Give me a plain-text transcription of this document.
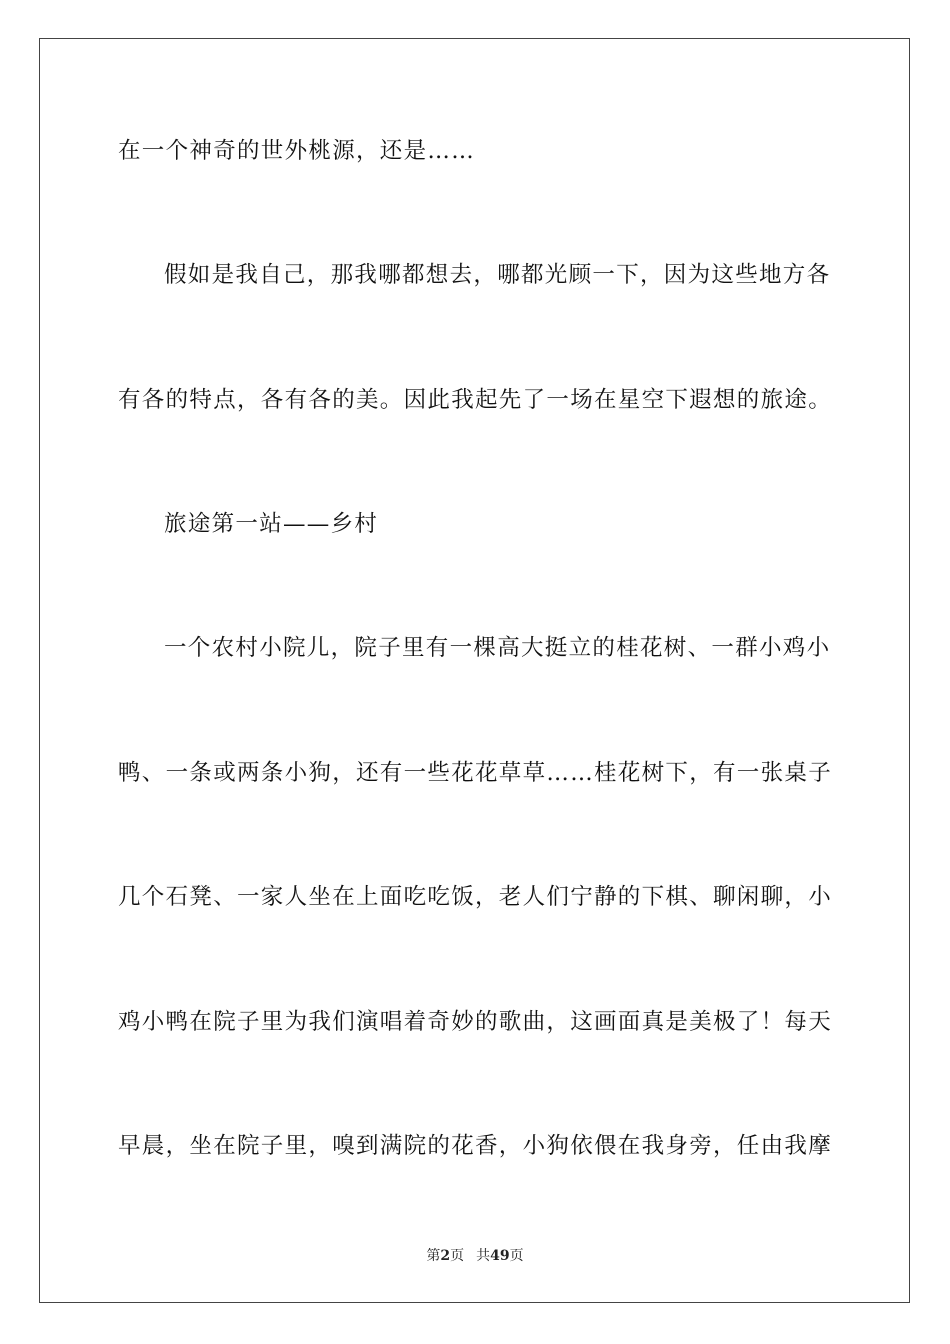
在一个神奇的世外桃源，还是……
假如是我自己，那我哪都想去，哪都光顾一下，因为这些地方各
有各的特点，各有各的美。因此我起先了一场在星空下遐想的旅途。
旅途第一站——乡村
一个农村小院儿，院子里有一棵高大挺立的桂花树、一群小鸡小
鸭、一条或两条小狗，还有一些花花草草……桂花树下，有一张桌子
几个石凳、一家人坐在上面吃吃饭，老人们宁静的下棋、聊闲聊，小
鸡小鸭在院子里为我们演唱着奇妙的歌曲，这画面真是美极了！每天
早晨，坐在院子里，嗅到满院的花香，小狗依偎在我身旁，任由我摩
第2页 共49页
